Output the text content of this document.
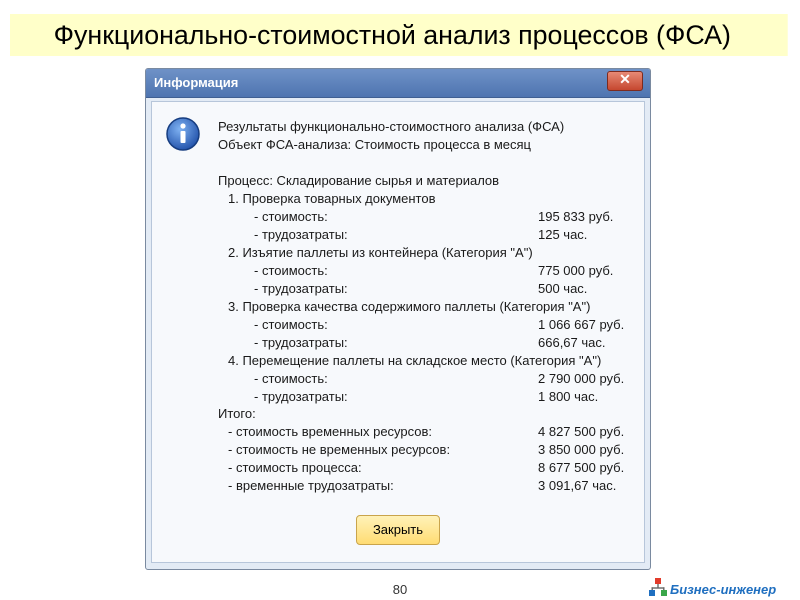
Функционально-стоимостной анализ процессов (ФСА)
Информация	✕
Результаты функционально-стоимостного анализа (ФСА)
Объект ФСА-анализа: Стоимость процесса в месяц
Процесс: Складирование сырья и материалов
1. Проверка товарных документов
- стоимость:	195 833 руб.
- трудозатраты:	125 час.
2. Изъятие паллеты из контейнера (Категория "А")
- стоимость:	775 000 руб.
- трудозатраты:	500 час.
3. Проверка качества содержимого паллеты (Категория "А")
- стоимость:	1 066 667 руб.
- трудозатраты:	666,67 час.
4. Перемещение паллеты на складское место (Категория "А")
- стоимость:	2 790 000 руб.
- трудозатраты:	1 800 час.
Итого:
- стоимость временных ресурсов:	4 827 500 руб.
- стоимость не временных ресурсов:	3 850 000 руб.
- стоимость процесса:	8 677 500 руб.
- временные трудозатраты:	3 091,67 час.
Закрыть
80	Бизнес-инженер
